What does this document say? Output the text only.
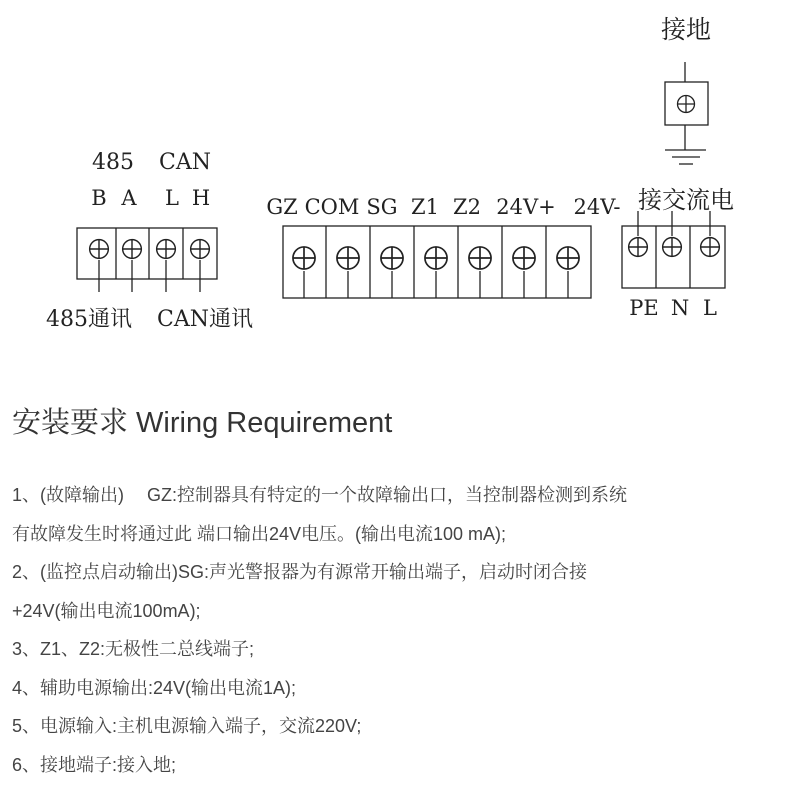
接地
485 CAN
B A L H
485通讯 CAN通讯
GZ COM SG Z1 Z2 24V+ 24V- 接交流电
PE N L
安装要求 Wiring Requirement
1、(故障输出)　 GZ:控制器具有特定的一个故障输出口，当控制器检测到系统
有故障发生时将通过此 端口输出24V电压。(输出电流100 mA);
2、(监控点启动输出)SG:声光警报器为有源常开输出端子，启动时闭合接
+24V(输出电流100mA);
3、Z1、Z2:无极性二总线端子;
4、辅助电源输出:24V(输出电流1A);
5、电源输入:主机电源输入端子，交流220V;
6、接地端子:接入地;
